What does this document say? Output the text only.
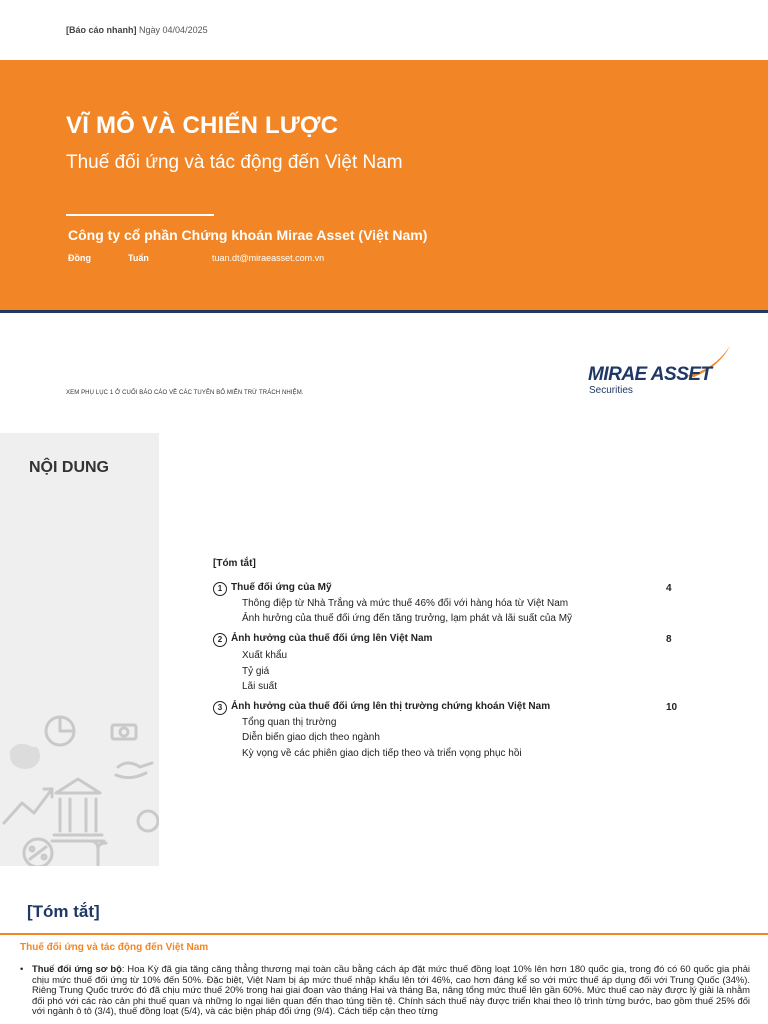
[Báo cáo nhanh] Ngày 04/04/2025
VĨ MÔ VÀ CHIẾN LƯỢC
Thuế đối ứng và tác động đến Việt Nam
Công ty cổ phần Chứng khoán Mirae Asset (Việt Nam)
Đồng	Tuấn	tuan.dt@miraeasset.com.vn
XEM PHỤ LỤC 1 Ở CUỐI BÁO CÁO VỀ CÁC TUYÊN BỐ MIỄN TRỪ TRÁCH NHIỆM.
MIRAE ASSET
Securities
NỘI DUNG
[Tóm tắt]
1 Thuế đối ứng của Mỹ	4
Thông điệp từ Nhà Trắng và mức thuế 46% đối với hàng hóa từ Việt Nam
Ảnh hưởng của thuế đối ứng đến tăng trưởng, lạm phát và lãi suất của Mỹ
2 Ảnh hưởng của thuế đối ứng lên Việt Nam	8
Xuất khẩu
Tỷ giá
Lãi suất
3 Ảnh hưởng của thuế đối ứng lên thị trường chứng khoán Việt Nam	10
Tổng quan thị trường
Diễn biến giao dịch theo ngành
Kỳ vọng về các phiên giao dịch tiếp theo và triển vọng phục hồi
[Tóm tắt]
Thuế đối ứng và tác động đến Việt Nam
• Thuế đối ứng sơ bộ: Hoa Kỳ đã gia tăng căng thẳng thương mại toàn cầu bằng cách áp đặt mức thuế đồng loạt 10% lên hơn 180 quốc gia, trong đó có 60 quốc gia phải chịu mức thuế đối ứng từ 10% đến 50%. Đặc biệt, Việt Nam bị áp mức thuế nhập khẩu lên tới 46%, cao hơn đáng kể so với mức thuế áp dụng đối với Trung Quốc (34%). Riêng Trung Quốc trước đó đã chịu mức thuế 20% trong hai giai đoạn vào tháng Hai và tháng Ba, nâng tổng mức thuế lên gần 60%. Mức thuế cao này được lý giải là nhằm đối phó với các rào cản phi thuế quan và những lo ngại liên quan đến thao túng tiền tệ. Chính sách thuế này được triển khai theo lộ trình từng bước, bao gồm thuế 25% đối với ngành ô tô (3/4), thuế đồng loạt (5/4), và các biện pháp đối ứng (9/4). Cách tiếp cận theo từng
